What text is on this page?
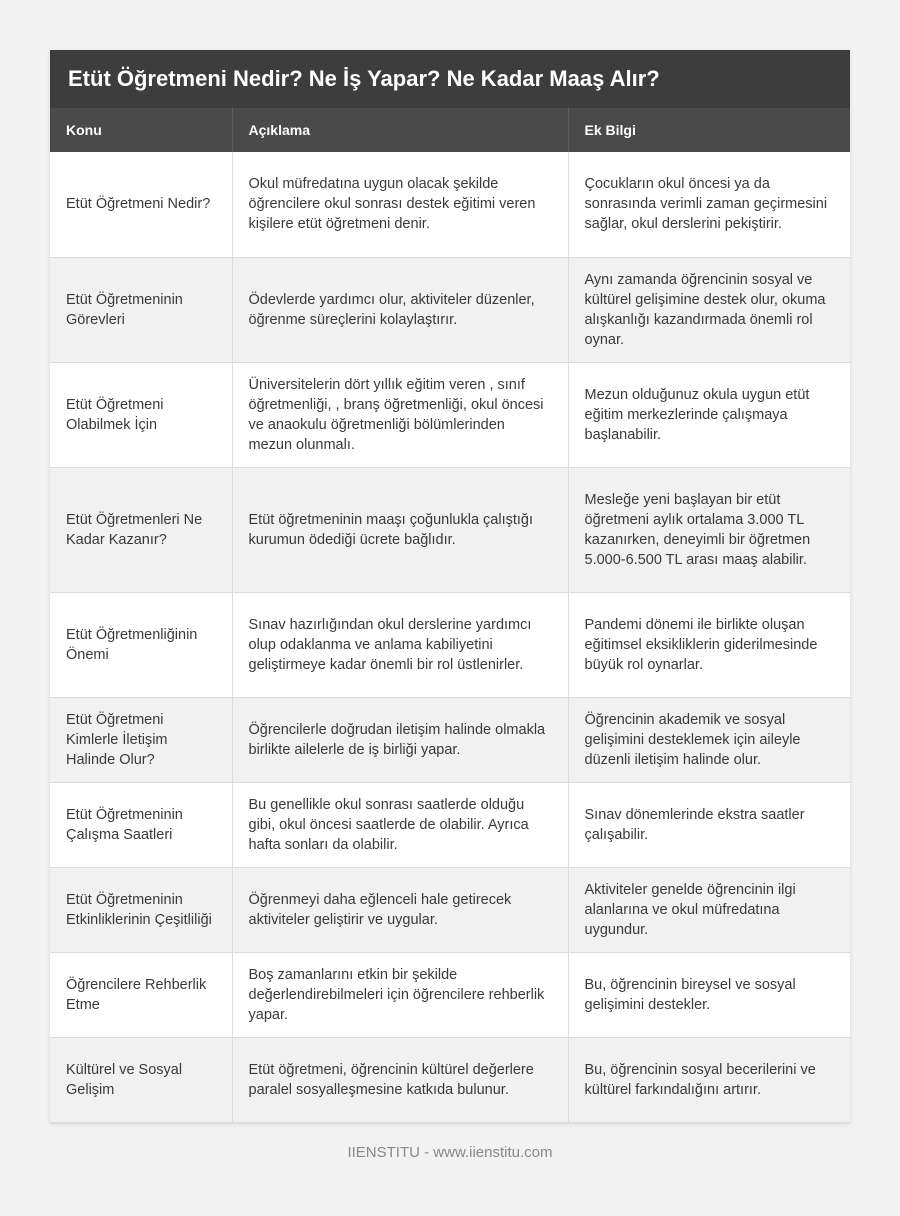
Etüt Öğretmeni Nedir? Ne İş Yapar? Ne Kadar Maaş Alır?
Konu	Açıklama	Ek Bilgi
Etüt Öğretmeni Nedir?	Okul müfredatına uygun olacak şekilde öğrencilere okul sonrası destek eğitimi veren kişilere etüt öğretmeni denir.	Çocukların okul öncesi ya da sonrasında verimli zaman geçirmesini sağlar, okul derslerini pekiştirir.
Etüt Öğretmeninin Görevleri	Ödevlerde yardımcı olur, aktiviteler düzenler, öğrenme süreçlerini kolaylaştırır.	Aynı zamanda öğrencinin sosyal ve kültürel gelişimine destek olur, okuma alışkanlığı kazandırmada önemli rol oynar.
Etüt Öğretmeni Olabilmek İçin	Üniversitelerin dört yıllık eğitim veren , sınıf öğretmenliği, , branş öğretmenliği, okul öncesi ve anaokulu öğretmenliği bölümlerinden mezun olunmalı.	Mezun olduğunuz okula uygun etüt eğitim merkezlerinde çalışmaya başlanabilir.
Etüt Öğretmenleri Ne Kadar Kazanır?	Etüt öğretmeninin maaşı çoğunlukla çalıştığı kurumun ödediği ücrete bağlıdır.	Mesleğe yeni başlayan bir etüt öğretmeni aylık ortalama 3.000 TL kazanırken, deneyimli bir öğretmen 5.000-6.500 TL arası maaş alabilir.
Etüt Öğretmenliğinin Önemi	Sınav hazırlığından okul derslerine yardımcı olup odaklanma ve anlama kabiliyetini geliştirmeye kadar önemli bir rol üstlenirler.	Pandemi dönemi ile birlikte oluşan eğitimsel eksikliklerin giderilmesinde büyük rol oynarlar.
Etüt Öğretmeni Kimlerle İletişim Halinde Olur?	Öğrencilerle doğrudan iletişim halinde olmakla birlikte ailelerle de iş birliği yapar.	Öğrencinin akademik ve sosyal gelişimini desteklemek için aileyle düzenli iletişim halinde olur.
Etüt Öğretmeninin Çalışma Saatleri	Bu genellikle okul sonrası saatlerde olduğu gibi, okul öncesi saatlerde de olabilir. Ayrıca hafta sonları da olabilir.	Sınav dönemlerinde ekstra saatler çalışabilir.
Etüt Öğretmeninin Etkinliklerinin Çeşitliliği	Öğrenmeyi daha eğlenceli hale getirecek aktiviteler geliştirir ve uygular.	Aktiviteler genelde öğrencinin ilgi alanlarına ve okul müfredatına uygundur.
Öğrencilere Rehberlik Etme	Boş zamanlarını etkin bir şekilde değerlendirebilmeleri için öğrencilere rehberlik yapar.	Bu, öğrencinin bireysel ve sosyal gelişimini destekler.
Kültürel ve Sosyal Gelişim	Etüt öğretmeni, öğrencinin kültürel değerlere paralel sosyalleşmesine katkıda bulunur.	Bu, öğrencinin sosyal becerilerini ve kültürel farkındalığını artırır.
IIENSTITU - www.iienstitu.com
